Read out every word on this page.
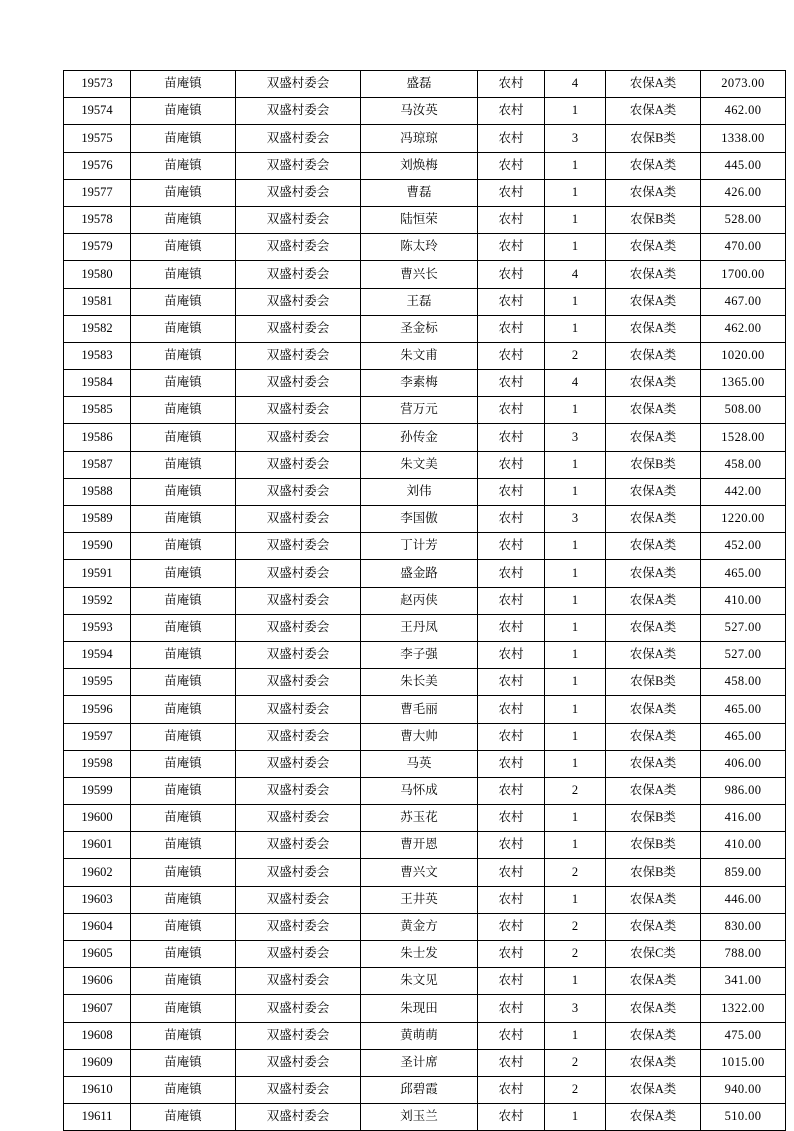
19573	苗庵镇	双盛村委会	盛磊	农村	4	农保A类	2073.00
19574	苗庵镇	双盛村委会	马汝英	农村	1	农保A类	462.00
19575	苗庵镇	双盛村委会	冯琼琼	农村	3	农保B类	1338.00
19576	苗庵镇	双盛村委会	刘焕梅	农村	1	农保A类	445.00
19577	苗庵镇	双盛村委会	曹磊	农村	1	农保A类	426.00
19578	苗庵镇	双盛村委会	陆恒荣	农村	1	农保B类	528.00
19579	苗庵镇	双盛村委会	陈太玲	农村	1	农保A类	470.00
19580	苗庵镇	双盛村委会	曹兴长	农村	4	农保A类	1700.00
19581	苗庵镇	双盛村委会	王磊	农村	1	农保A类	467.00
19582	苗庵镇	双盛村委会	圣金标	农村	1	农保A类	462.00
19583	苗庵镇	双盛村委会	朱文甫	农村	2	农保A类	1020.00
19584	苗庵镇	双盛村委会	李素梅	农村	4	农保A类	1365.00
19585	苗庵镇	双盛村委会	营万元	农村	1	农保A类	508.00
19586	苗庵镇	双盛村委会	孙传金	农村	3	农保A类	1528.00
19587	苗庵镇	双盛村委会	朱文美	农村	1	农保B类	458.00
19588	苗庵镇	双盛村委会	刘伟	农村	1	农保A类	442.00
19589	苗庵镇	双盛村委会	李国傲	农村	3	农保A类	1220.00
19590	苗庵镇	双盛村委会	丁计芳	农村	1	农保A类	452.00
19591	苗庵镇	双盛村委会	盛金路	农村	1	农保A类	465.00
19592	苗庵镇	双盛村委会	赵丙侠	农村	1	农保A类	410.00
19593	苗庵镇	双盛村委会	王丹凤	农村	1	农保A类	527.00
19594	苗庵镇	双盛村委会	李子强	农村	1	农保A类	527.00
19595	苗庵镇	双盛村委会	朱长美	农村	1	农保B类	458.00
19596	苗庵镇	双盛村委会	曹毛丽	农村	1	农保A类	465.00
19597	苗庵镇	双盛村委会	曹大帅	农村	1	农保A类	465.00
19598	苗庵镇	双盛村委会	马英	农村	1	农保A类	406.00
19599	苗庵镇	双盛村委会	马怀成	农村	2	农保A类	986.00
19600	苗庵镇	双盛村委会	苏玉花	农村	1	农保B类	416.00
19601	苗庵镇	双盛村委会	曹开恩	农村	1	农保B类	410.00
19602	苗庵镇	双盛村委会	曹兴文	农村	2	农保B类	859.00
19603	苗庵镇	双盛村委会	王井英	农村	1	农保A类	446.00
19604	苗庵镇	双盛村委会	黄金方	农村	2	农保A类	830.00
19605	苗庵镇	双盛村委会	朱士发	农村	2	农保C类	788.00
19606	苗庵镇	双盛村委会	朱文见	农村	1	农保A类	341.00
19607	苗庵镇	双盛村委会	朱现田	农村	3	农保A类	1322.00
19608	苗庵镇	双盛村委会	黄萌萌	农村	1	农保A类	475.00
19609	苗庵镇	双盛村委会	圣计席	农村	2	农保A类	1015.00
19610	苗庵镇	双盛村委会	邱碧霞	农村	2	农保A类	940.00
19611	苗庵镇	双盛村委会	刘玉兰	农村	1	农保A类	510.00
